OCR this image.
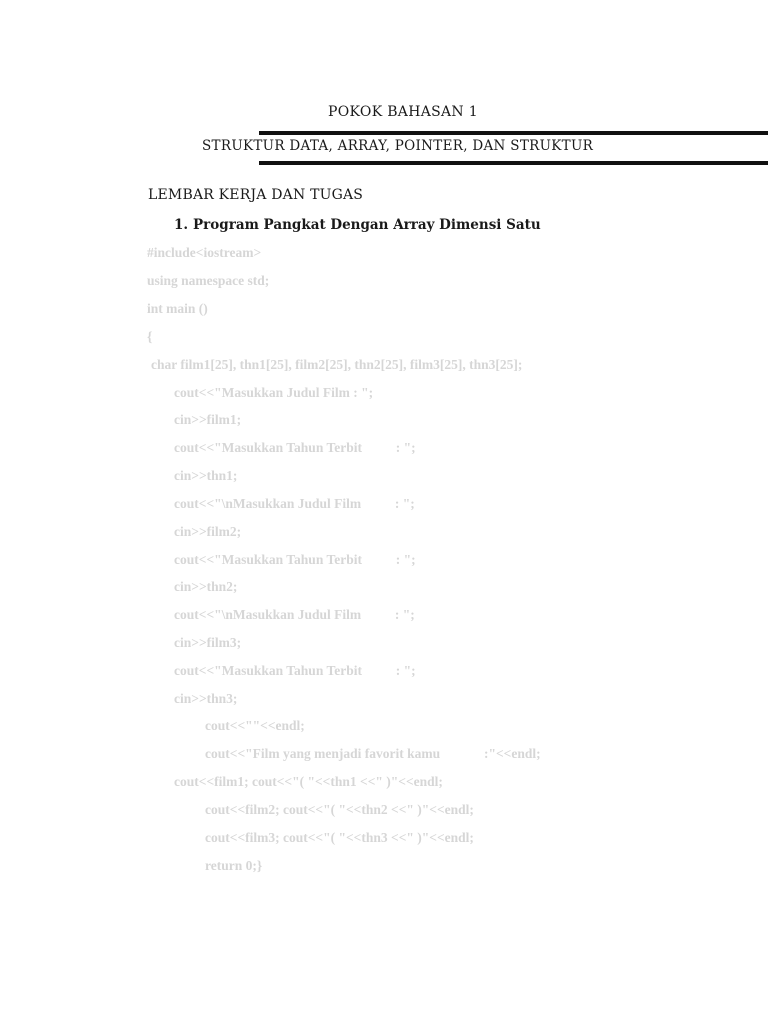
POKOK BAHASAN 1
STRUKTUR DATA, ARRAY, POINTER, DAN STRUKTUR
LEMBAR KERJA DAN TUGAS
1. Program Pangkat Dengan Array Dimensi Satu
#include<iostream>
using namespace std;
int main ()
{
char film1[25], thn1[25], film2[25], thn2[25], film3[25], thn3[25];
cout<<"Masukkan Judul Film : ";
cin>>film1;
cout<<"Masukkan Tahun Terbit          : ";
cin>>thn1;
cout<<"\nMasukkan Judul Film          : ";
cin>>film2;
cout<<"Masukkan Tahun Terbit          : ";
cin>>thn2;
cout<<"\nMasukkan Judul Film          : ";
cin>>film3;
cout<<"Masukkan Tahun Terbit          : ";
cin>>thn3;
cout<<""<<endl;
cout<<"Film yang menjadi favorit kamu             :"<<endl;
cout<<film1; cout<<"( "<<thn1 <<" )"<<endl;
cout<<film2; cout<<"( "<<thn2 <<" )"<<endl;
cout<<film3; cout<<"( "<<thn3 <<" )"<<endl;
return 0;}
